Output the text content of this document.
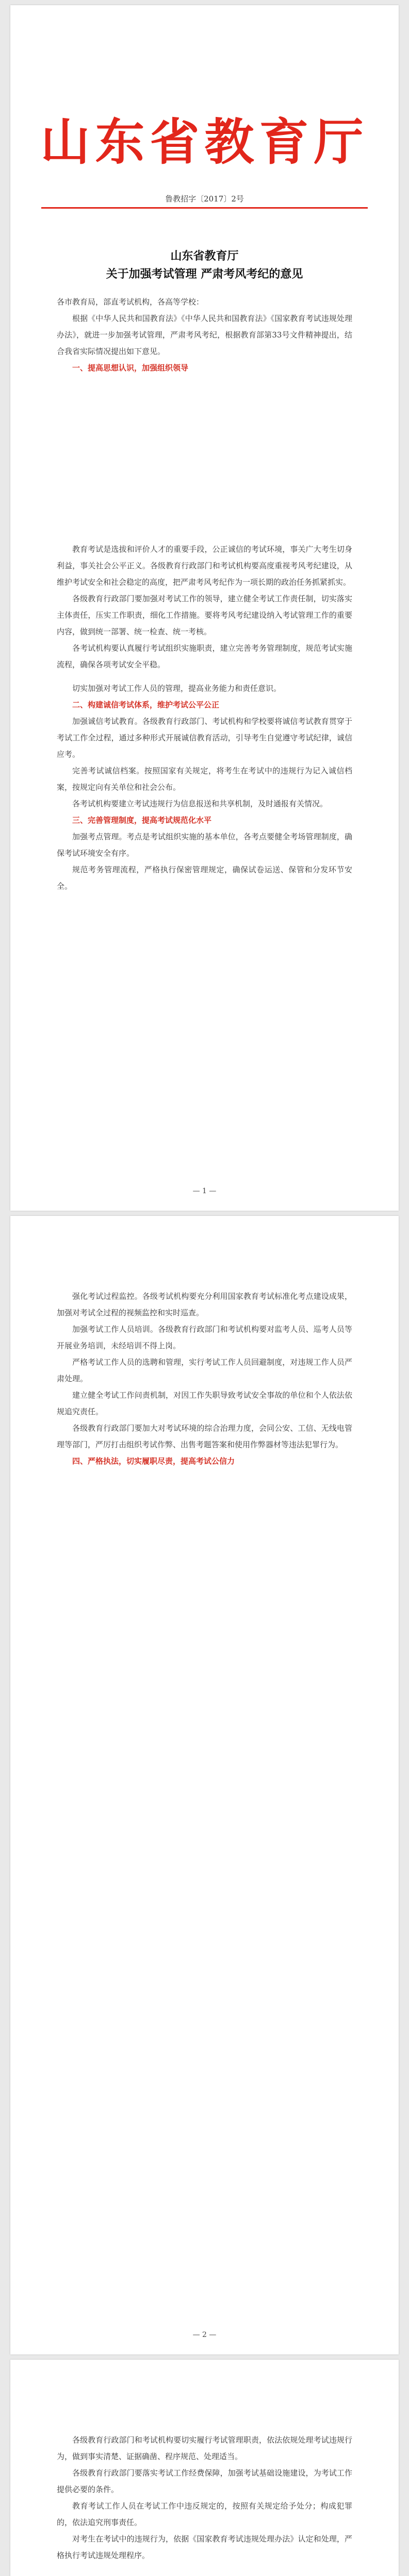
山东省教育厅
鲁教招字〔2017〕2号
山东省教育厅
关于加强考试管理 严肃考风考纪的意见

各市教育局，部直考试机构，各高等学校：

根据《中华人民共和国教育法》《中华人民共和国教育法》《国家教育考试违规处理办法》，就进一步加强考试管理，严肃考风考纪，根据教育部第33号文件精神提出，结合我省实际情况提出如下意见。

一、提高思想认识，加强组织领导

教育考试是选拔和评价人才的重要手段，公正诚信的考试环境，事关广大考生切身利益，事关社会公平正义。各级教育行政部门和考试机构要高度重视考风考纪建设，从维护考试安全和社会稳定的高度，把严肃考风考纪作为一项长期的政治任务抓紧抓实。

各级教育行政部门要加强对考试工作的领导，建立健全考试工作责任制，切实落实主体责任，压实工作职责，细化工作措施。要将考风考纪建设纳入考试管理工作的重要内容，做到统一部署、统一检查、统一考核。

各考试机构要认真履行考试组织实施职责，建立完善考务管理制度，规范考试实施流程，确保各项考试安全平稳。

切实加强对考试工作人员的管理，提高业务能力和责任意识。

二、构建诚信考试体系，维护考试公平公正

加强诚信考试教育。各级教育行政部门、考试机构和学校要将诚信考试教育贯穿于考试工作全过程，通过多种形式开展诚信教育活动，引导考生自觉遵守考试纪律，诚信应考。

完善考试诚信档案。按照国家有关规定，将考生在考试中的违规行为记入诚信档案，按规定向有关单位和社会公布。

各考试机构要建立考试违规行为信息报送和共享机制，及时通报有关情况。

三、完善管理制度，提高考试规范化水平

加强考点管理。考点是考试组织实施的基本单位，各考点要健全考场管理制度，确保考试环境安全有序。

规范考务管理流程，严格执行保密管理规定，确保试卷运送、保管和分发环节安全。

— 1 —

强化考试过程监控。各级考试机构要充分利用国家教育考试标准化考点建设成果，加强对考试全过程的视频监控和实时巡查。

加强考试工作人员培训。各级教育行政部门和考试机构要对监考人员、巡考人员等开展业务培训，未经培训不得上岗。

严格考试工作人员的选聘和管理，实行考试工作人员回避制度，对违规工作人员严肃处理。

建立健全考试工作问责机制，对因工作失职导致考试安全事故的单位和个人依法依规追究责任。

各级教育行政部门要加大对考试环境的综合治理力度，会同公安、工信、无线电管理等部门，严厉打击组织考试作弊、出售考题答案和使用作弊器材等违法犯罪行为。

四、严格执法，切实履职尽责，提高考试公信力

— 2 —

各级教育行政部门和考试机构要切实履行考试管理职责，依法依规处理考试违规行为，做到事实清楚、证据确凿、程序规范、处理适当。

各级教育行政部门要落实考试工作经费保障，加强考试基础设施建设，为考试工作提供必要的条件。

教育考试工作人员在考试工作中违反规定的，按照有关规定给予处分；构成犯罪的，依法追究刑事责任。

对考生在考试中的违规行为，依据《国家教育考试违规处理办法》认定和处理，严格执行考试违规处理程序。
